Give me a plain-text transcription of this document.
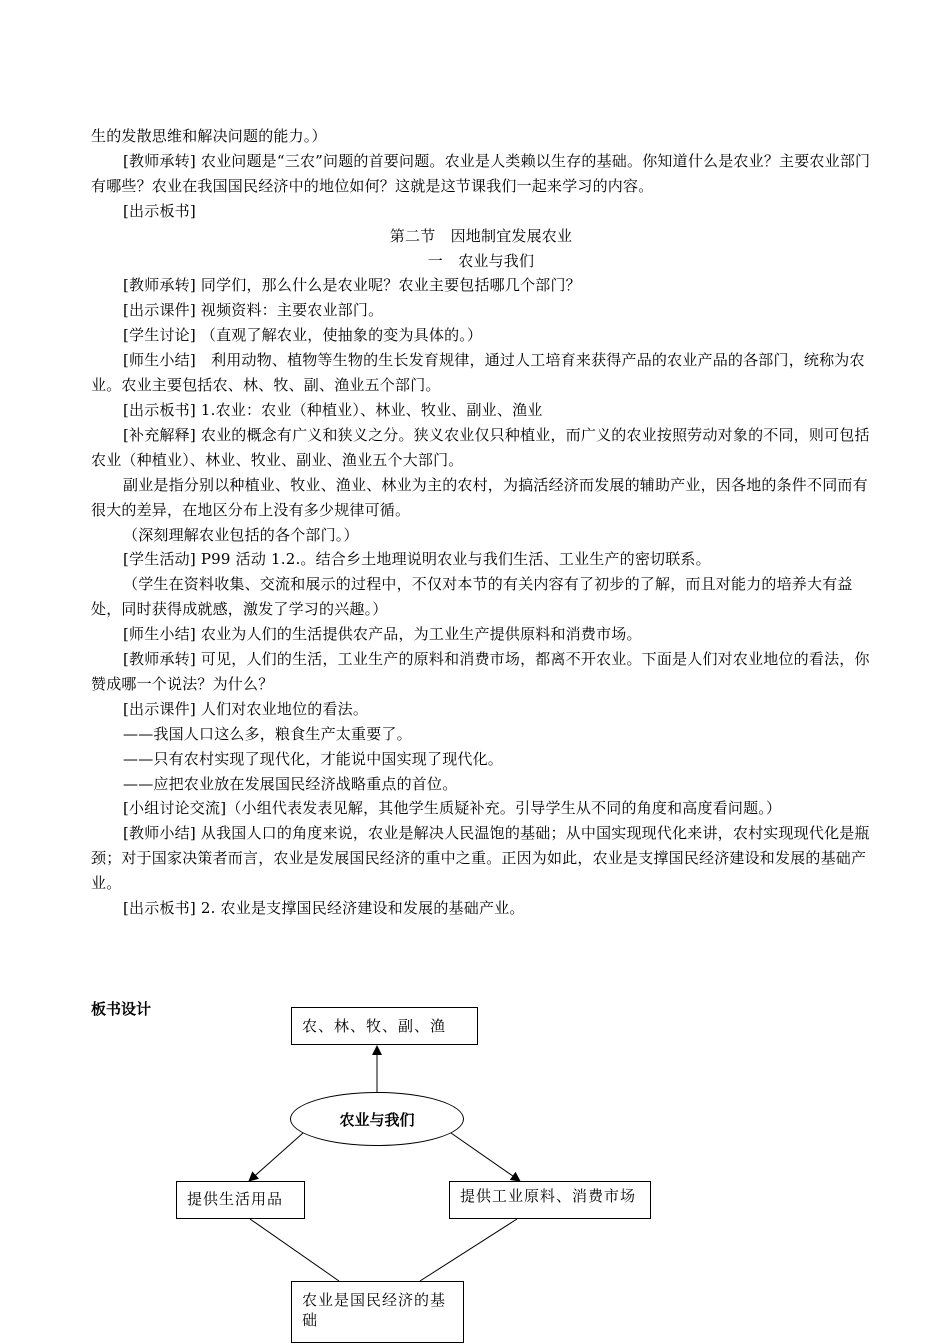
生的发散思维和解决问题的能力。）

[教师承转] 农业问题是“三农”问题的首要问题。农业是人类赖以生存的基础。你知道什么是农业？主要农业部门有哪些？农业在我国国民经济中的地位如何？这就是这节课我们一起来学习的内容。

[出示板书]

第二节　因地制宜发展农业

一　农业与我们

[教师承转] 同学们，那么什么是农业呢？农业主要包括哪几个部门？

[出示课件] 视频资料：主要农业部门。

[学生讨论] （直观了解农业，使抽象的变为具体的。）

[师生小结]　利用动物、植物等生物的生长发育规律，通过人工培育来获得产品的农业产品的各部门，统称为农业。农业主要包括农、林、牧、副、渔业五个部门。

[出示板书] 1.农业：农业（种植业）、林业、牧业、副业、渔业

[补充解释] 农业的概念有广义和狭义之分。狭义农业仅只种植业，而广义的农业按照劳动对象的不同，则可包括农业（种植业）、林业、牧业、副业、渔业五个大部门。

副业是指分别以种植业、牧业、渔业、林业为主的农村，为搞活经济而发展的辅助产业，因各地的条件不同而有很大的差异，在地区分布上没有多少规律可循。

（深刻理解农业包括的各个部门。）

[学生活动] P99 活动 1.2.。结合乡土地理说明农业与我们生活、工业生产的密切联系。

（学生在资料收集、交流和展示的过程中，不仅对本节的有关内容有了初步的了解，而且对能力的培养大有益处，同时获得成就感，激发了学习的兴趣。）

[师生小结] 农业为人们的生活提供农产品，为工业生产提供原料和消费市场。

[教师承转] 可见，人们的生活，工业生产的原料和消费市场，都离不开农业。下面是人们对农业地位的看法，你赞成哪一个说法？为什么？

[出示课件] 人们对农业地位的看法。

——我国人口这么多，粮食生产太重要了。

——只有农村实现了现代化，才能说中国实现了现代化。

——应把农业放在发展国民经济战略重点的首位。

[小组讨论交流]（小组代表发表见解，其他学生质疑补充。引导学生从不同的角度和高度看问题。）

[教师小结] 从我国人口的角度来说，农业是解决人民温饱的基础；从中国实现现代化来讲，农村实现现代化是瓶颈；对于国家决策者而言，农业是发展国民经济的重中之重。正因为如此，农业是支撑国民经济建设和发展的基础产业。

[出示板书] 2. 农业是支撑国民经济建设和发展的基础产业。

板书设计
农、林、牧、副、渔
农业与我们
提供生活用品	提供工业原料、消费市场
农业是国民经济的基　础
